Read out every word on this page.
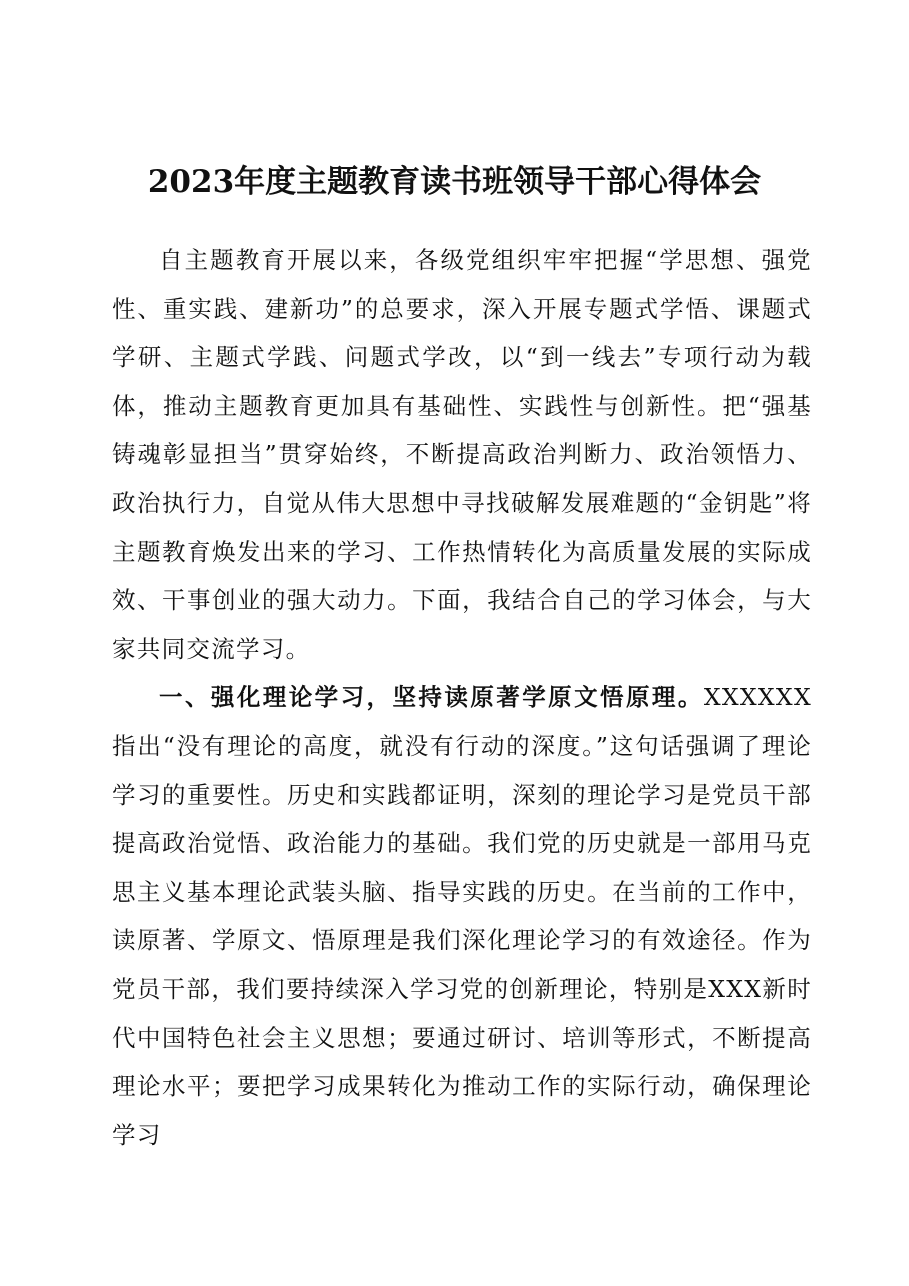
2023年度主题教育读书班领导干部心得体会

自主题教育开展以来，各级党组织牢牢把握“学思想、强党性、重实践、建新功”的总要求，深入开展专题式学悟、课题式学研、主题式学践、问题式学改，以“到一线去”专项行动为载体，推动主题教育更加具有基础性、实践性与创新性。把“强基铸魂彰显担当”贯穿始终，不断提高政治判断力、政治领悟力、政治执行力，自觉从伟大思想中寻找破解发展难题的“金钥匙”将主题教育焕发出来的学习、工作热情转化为高质量发展的实际成效、干事创业的强大动力。下面，我结合自己的学习体会，与大家共同交流学习。

一、强化理论学习，坚持读原著学原文悟原理。XXXXXX指出“没有理论的高度，就没有行动的深度。”这句话强调了理论学习的重要性。历史和实践都证明，深刻的理论学习是党员干部提高政治觉悟、政治能力的基础。我们党的历史就是一部用马克思主义基本理论武装头脑、指导实践的历史。在当前的工作中，读原著、学原文、悟原理是我们深化理论学习的有效途径。作为党员干部，我们要持续深入学习党的创新理论，特别是XXX新时代中国特色社会主义思想；要通过研讨、培训等形式，不断提高理论水平；要把学习成果转化为推动工作的实际行动，确保理论学习
